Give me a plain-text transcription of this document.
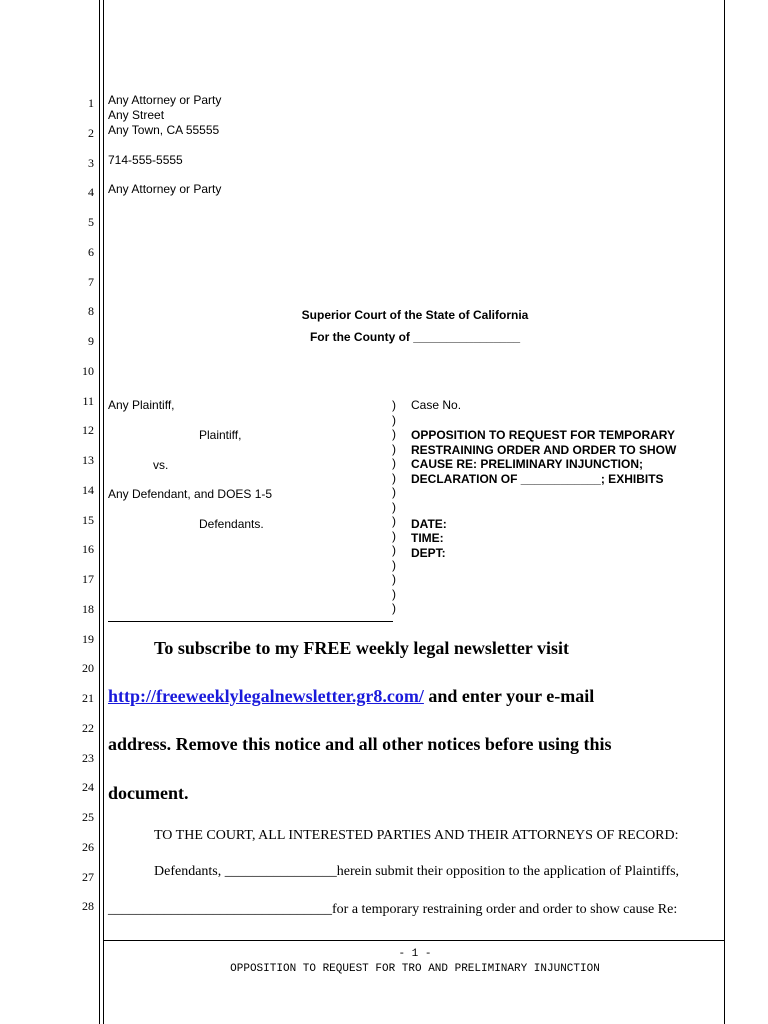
1
2
3
4
5
6
7
8
9
10
11
12
13
14
15
16
17
18
19
20
21
22
23
24
25
26
27
28
Any Attorney or Party
Any Street
Any Town, CA 55555
714-555-5555
Any Attorney or Party
Superior Court of the State of California
For the County of ________________
Any Plaintiff,
Plaintiff,
vs.
Any Defendant, and DOES 1-5
Defendants.
)
)
)
)
)
)
)
)
)
)
)
)
)
)
)
Case No.
OPPOSITION TO REQUEST FOR TEMPORARY
RESTRAINING ORDER AND ORDER TO SHOW
CAUSE RE: PRELIMINARY INJUNCTION;
DECLARATION OF ____________; EXHIBITS
DATE:
TIME:
DEPT:
To subscribe to my FREE weekly legal newsletter visit
http://freeweeklylegalnewsletter.gr8.com/ and enter your e-mail
address. Remove this notice and all other notices before using this
document.
TO THE COURT, ALL INTERESTED PARTIES AND THEIR ATTORNEYS OF RECORD:
Defendants, ________________herein submit their opposition to the application of Plaintiffs,
________________________________for a temporary restraining order and order to show cause Re:
- 1 -
OPPOSITION TO REQUEST FOR TRO AND PRELIMINARY INJUNCTION
